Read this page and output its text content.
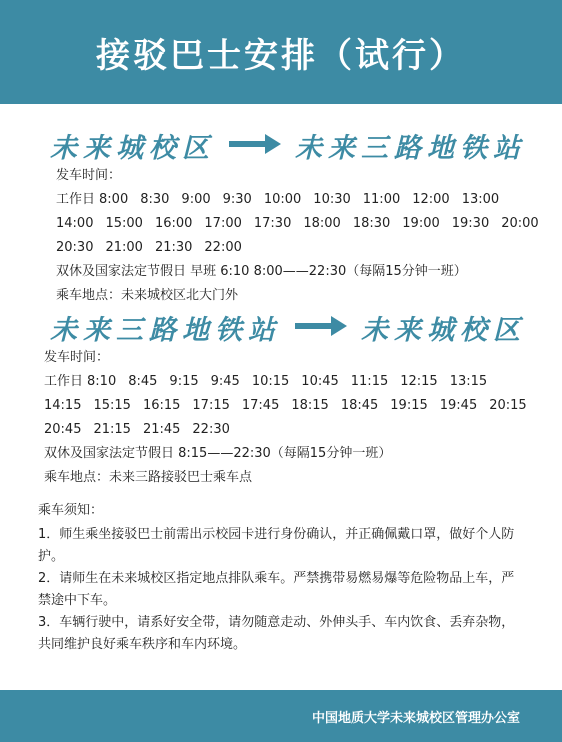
接驳巴士安排（试行）
未来城校区	未来三路地铁站
发车时间：
工作日 8:00 8:30 9:00 9:30 10:00 10:30 11:00 12:00 13:00
14:00 15:00 16:00 17:00 17:30 18:00 18:30 19:00 19:30 20:00
20:30 21:00 21:30 22:00
双休及国家法定节假日 早班 6:10 8:00——22:30（每隔15分钟一班）
乘车地点：未来城校区北大门外
未来三路地铁站	未来城校区
发车时间：
工作日 8:10 8:45 9:15 9:45 10:15 10:45 11:15 12:15 13:15
14:15 15:15 16:15 17:15 17:45 18:15 18:45 19:15 19:45 20:15
20:45 21:15 21:45 22:30
双休及国家法定节假日 8:15——22:30（每隔15分钟一班）
乘车地点：未来三路接驳巴士乘车点

乘车须知：

1．师生乘坐接驳巴士前需出示校园卡进行身份确认，并正确佩戴口罩，做好个人防护。

2．请师生在未来城校区指定地点排队乘车。严禁携带易燃易爆等危险物品上车，严禁途中下车。

3．车辆行驶中，请系好安全带，请勿随意走动、外伸头手、车内饮食、丢弃杂物，共同维护良好乘车秩序和车内环境。

中国地质大学未来城校区管理办公室
